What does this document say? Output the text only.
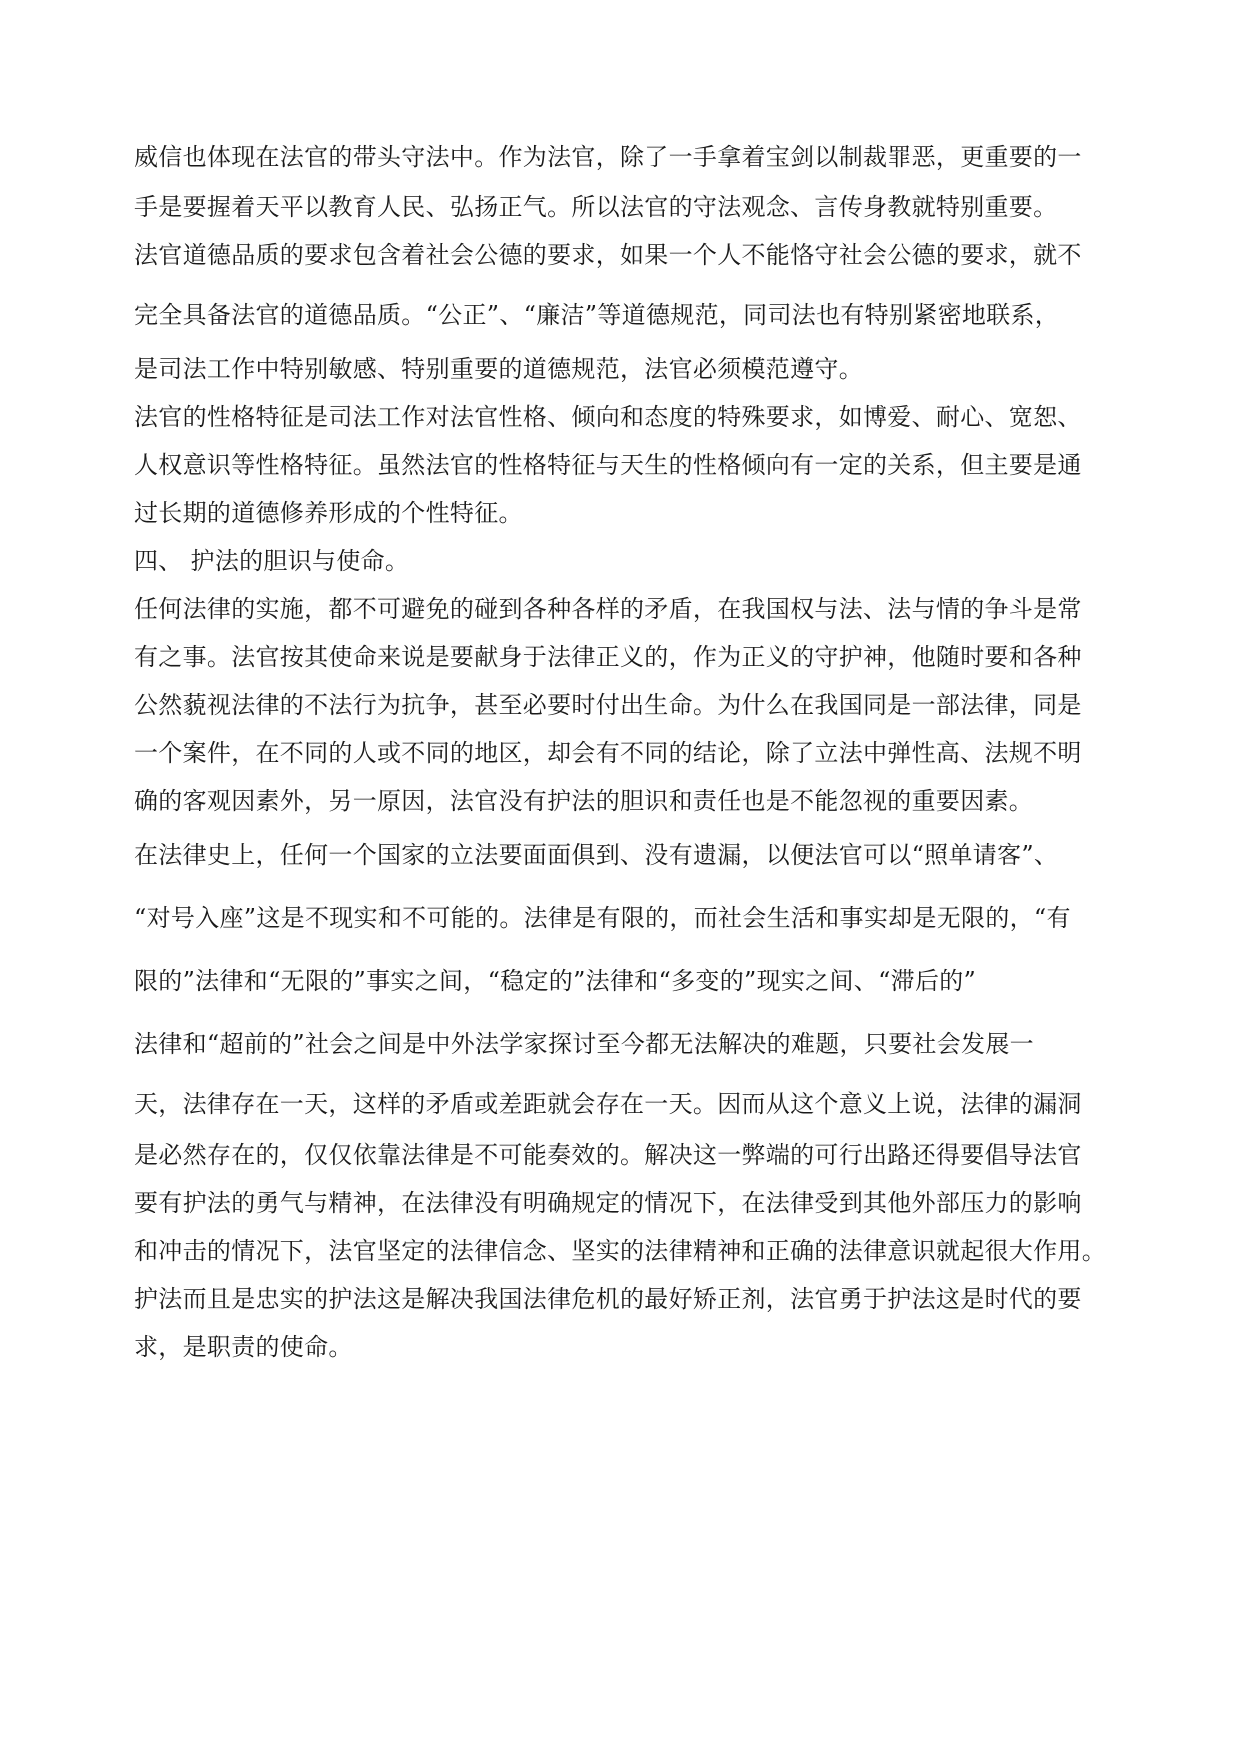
威信也体现在法官的带头守法中。作为法官，除了一手拿着宝剑以制裁罪恶，更重要的一
手是要握着天平以教育人民、弘扬正气。所以法官的守法观念、言传身教就特别重要。
法官道德品质的要求包含着社会公德的要求，如果一个人不能恪守社会公德的要求，就不
完全具备法官的道德品质。“公正”、“廉洁”等道德规范，同司法也有特别紧密地联系，
是司法工作中特别敏感、特别重要的道德规范，法官必须模范遵守。
法官的性格特征是司法工作对法官性格、倾向和态度的特殊要求，如博爱、耐心、宽恕、
人权意识等性格特征。虽然法官的性格特征与天生的性格倾向有一定的关系，但主要是通
过长期的道德修养形成的个性特征。
四、 护法的胆识与使命。
任何法律的实施，都不可避免的碰到各种各样的矛盾，在我国权与法、法与情的争斗是常
有之事。法官按其使命来说是要献身于法律正义的，作为正义的守护神，他随时要和各种
公然藐视法律的不法行为抗争，甚至必要时付出生命。为什么在我国同是一部法律，同是
一个案件，在不同的人或不同的地区，却会有不同的结论，除了立法中弹性高、法规不明
确的客观因素外，另一原因，法官没有护法的胆识和责任也是不能忽视的重要因素。
在法律史上，任何一个国家的立法要面面俱到、没有遗漏，以便法官可以“照单请客”、
“对号入座”这是不现实和不可能的。法律是有限的，而社会生活和事实却是无限的，“有
限的”法律和“无限的”事实之间，“稳定的”法律和“多变的”现实之间、“滞后的”
法律和“超前的”社会之间是中外法学家探讨至今都无法解决的难题，只要社会发展一
天，法律存在一天，这样的矛盾或差距就会存在一天。因而从这个意义上说，法律的漏洞
是必然存在的，仅仅依靠法律是不可能奏效的。解决这一弊端的可行出路还得要倡导法官
要有护法的勇气与精神，在法律没有明确规定的情况下，在法律受到其他外部压力的影响
和冲击的情况下，法官坚定的法律信念、坚实的法律精神和正确的法律意识就起很大作用。
护法而且是忠实的护法这是解决我国法律危机的最好矫正剂，法官勇于护法这是时代的要
求，是职责的使命。
